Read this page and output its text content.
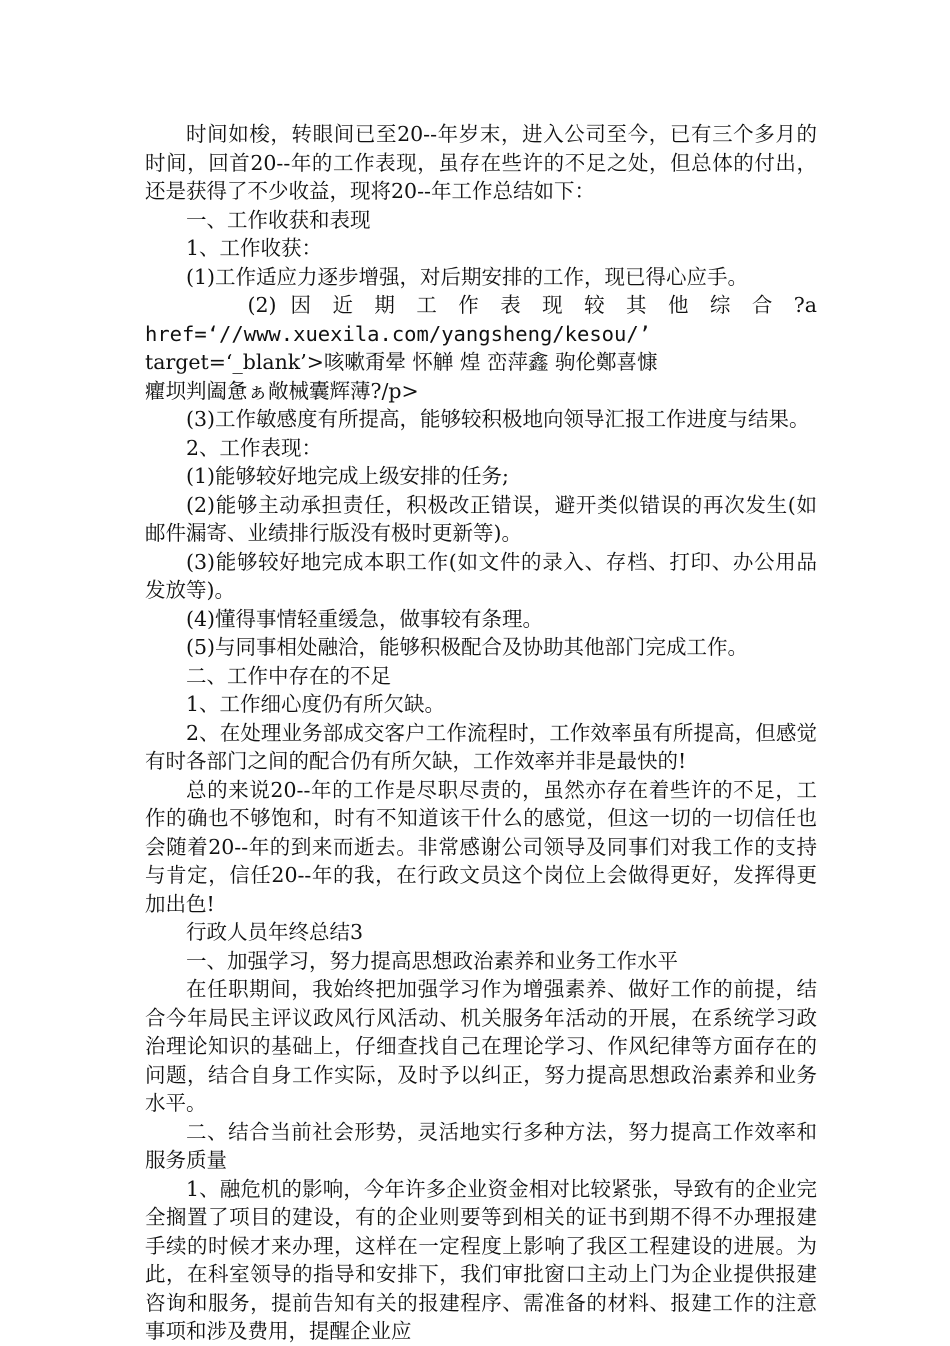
时间如梭，转眼间已至20--年岁末，进入公司至今，已有三个多月的时间，回首20--年的工作表现，虽存在些许的不足之处，但总体的付出，还是获得了不少收益，现将20--年工作总结如下：

一、工作收获和表现

1、工作收获：

(1)工作适应力逐步增强，对后期安排的工作，现已得心应手。

(2) 因 近 期 工 作 表 现 较 其 他 综 合 ?a

href=‘//www.xuexila.com/yangsheng/kesou/’

target=‘_blank’>咳嗽甭晕 怀觯 煌 峦萍鑫 驹伦鄭喜慷

癯坝判阖惫ぁ敞械囊辉薄?/p>

(3)工作敏感度有所提高，能够较积极地向领导汇报工作进度与结果。

2、工作表现：

(1)能够较好地完成上级安排的任务;

(2)能够主动承担责任，积极改正错误，避开类似错误的再次发生(如邮件漏寄、业绩排行版没有极时更新等)。

(3)能够较好地完成本职工作(如文件的录入、存档、打印、办公用品发放等)。

(4)懂得事情轻重缓急，做事较有条理。

(5)与同事相处融洽，能够积极配合及协助其他部门完成工作。

二、工作中存在的不足

1、工作细心度仍有所欠缺。

2、在处理业务部成交客户工作流程时，工作效率虽有所提高，但感觉有时各部门之间的配合仍有所欠缺，工作效率并非是最快的!

总的来说20--年的工作是尽职尽责的，虽然亦存在着些许的不足，工作的确也不够饱和，时有不知道该干什么的感觉，但这一切的一切信任也会随着20--年的到来而逝去。非常感谢公司领导及同事们对我工作的支持与肯定，信任20--年的我，在行政文员这个岗位上会做得更好，发挥得更加出色!

行政人员年终总结3

一、加强学习，努力提高思想政治素养和业务工作水平

在任职期间，我始终把加强学习作为增强素养、做好工作的前提，结合今年局民主评议政风行风活动、机关服务年活动的开展，在系统学习政治理论知识的基础上，仔细查找自己在理论学习、作风纪律等方面存在的问题，结合自身工作实际，及时予以纠正，努力提高思想政治素养和业务水平。

二、结合当前社会形势，灵活地实行多种方法，努力提高工作效率和服务质量

1、融危机的影响，今年许多企业资金相对比较紧张，导致有的企业完全搁置了项目的建设，有的企业则要等到相关的证书到期不得不办理报建手续的时候才来办理，这样在一定程度上影响了我区工程建设的进展。为此，在科室领导的指导和安排下，我们审批窗口主动上门为企业提供报建咨询和服务，提前告知有关的报建程序、需准备的材料、报建工作的注意事项和涉及费用，提醒企业应
